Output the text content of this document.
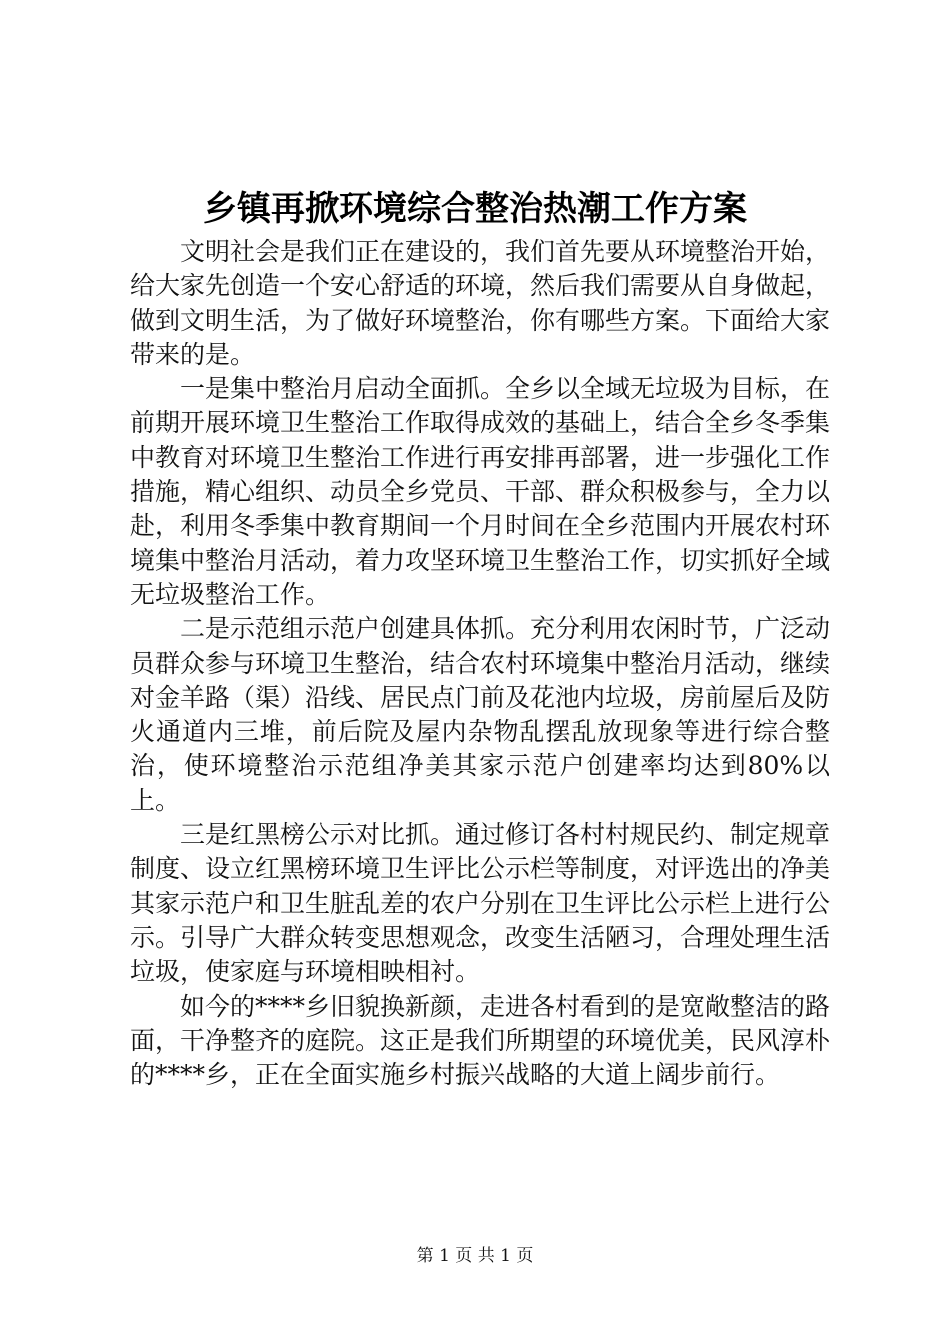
乡镇再掀环境综合整治热潮工作方案

文明社会是我们正在建设的，我们首先要从环境整治开始，给大家先创造一个安心舒适的环境，然后我们需要从自身做起，做到文明生活，为了做好环境整治，你有哪些方案。下面给大家带来的是。

一是集中整治月启动全面抓。全乡以全域无垃圾为目标，在前期开展环境卫生整治工作取得成效的基础上，结合全乡冬季集中教育对环境卫生整治工作进行再安排再部署，进一步强化工作措施，精心组织、动员全乡党员、干部、群众积极参与，全力以赴，利用冬季集中教育期间一个月时间在全乡范围内开展农村环境集中整治月活动，着力攻坚环境卫生整治工作，切实抓好全域无垃圾整治工作。

二是示范组示范户创建具体抓。充分利用农闲时节，广泛动员群众参与环境卫生整治，结合农村环境集中整治月活动，继续对金羊路（渠）沿线、居民点门前及花池内垃圾，房前屋后及防火通道内三堆，前后院及屋内杂物乱摆乱放现象等进行综合整治，使环境整治示范组净美其家示范户创建率均达到80%以上。

三是红黑榜公示对比抓。通过修订各村村规民约、制定规章制度、设立红黑榜环境卫生评比公示栏等制度，对评选出的净美其家示范户和卫生脏乱差的农户分别在卫生评比公示栏上进行公示。引导广大群众转变思想观念，改变生活陋习，合理处理生活垃圾，使家庭与环境相映相衬。

如今的****乡旧貌换新颜，走进各村看到的是宽敞整洁的路面，干净整齐的庭院。这正是我们所期望的环境优美，民风淳朴的****乡，正在全面实施乡村振兴战略的大道上阔步前行。

第 1 页 共 1 页
